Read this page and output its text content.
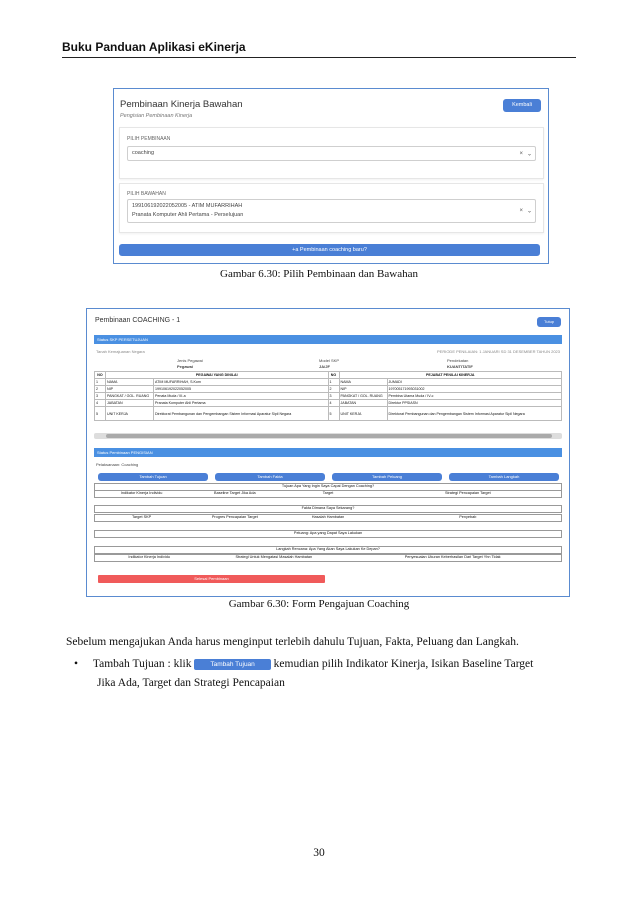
Buku Panduan Aplikasi eKinerja
Pembinaan Kinerja Bawahan
Pengisian Pembinaan Kinerja
Kembali
PILIH PEMBINAAN
coaching	× ⌄
PILIH BAWAHAN
199106192022052005 - ATIM MUFARRIHAH
Pranata Komputer Ahli Pertama - Perselujuan
× ⌄
+a Pembinaan coaching baru?
Gambar 6.30: Pilih Pembinaan dan Bawahan
Pembinaan COACHING - 1	Tutup
Status SKP PERSETUJUAN
Tanah Kemajuanan Negara	PERIODE PENILAIAN: 1 JANUARI SD 31 DESEMBER TAHUN 2023
Jenis Pegawai
Pegawai
Model SKP
JA/JF
Pendekatan
KUANTITATIF
NO	PEGAWAI YANG DINILAI		NO	PEJABAT PENILAI KINERJA	
1	NAMA	ATIM MUFARRIHAH, S.Kom	1	NAMA	JUMADI
2	NIP	199106192022052005	2	NIP	197005171993031002
3	PANGKAT / GOL. RUANG	Penata Muda / III-a	3	PANGKAT / GOL. RUANG	Pembina Utama Muda / IV-c
4	JABATAN	Pranata Komputer Ahli Pertama	4	JABATAN	Direktur PPSIASN
5	UNIT KERJA	Direktorat Pembangunan dan Pengembangan Sistem Informasi Aparatur Sipil Negara	5	UNIT KERJA	Direktorat Pembangunan dan Pengembangan Sistem Informasi Aparatur Sipil Negara
Status Pembinaan PENGISIAN
Pelaksanaan: Coaching
Tambah Tujuan	Tambah Fakta	Tambah Peluang	Tambah Langkah
Tujuan Apa Yang Ingin Saya Capai Dengan Coaching?
Indikator Kinerja Individu	Baseline Target Jika Ada	Target	Strategi Pencapaian Target
Fakta Dimana Saya Sekarang?
Target SKP	Progres Pencapaian Target	Hasalah Hambatan	Penyebab
Peluang: Apa yang Dapat Saya Lakukan
Langkah Rencana: Apa Yang Akan Saya Lakukan Ke Depan?
Indikator Kinerja Individu	Strategi Untuk Mengatasi Masalah Hambatan	Penyesuaian Ukuran Keberhasilan Dari Target Yhn Tidak
Selesai Pembinaan
Gambar 6.30: Form Pengajuan Coaching
Sebelum mengajukan Anda harus menginput terlebih dahulu Tujuan, Fakta, Peluang dan Langkah.
• Tambah Tujuan : klik	Tambah Tujuan kemudian pilih Indikator Kinerja, Isikan Baseline Target
Jika Ada, Target dan Strategi Pencapaian
30
